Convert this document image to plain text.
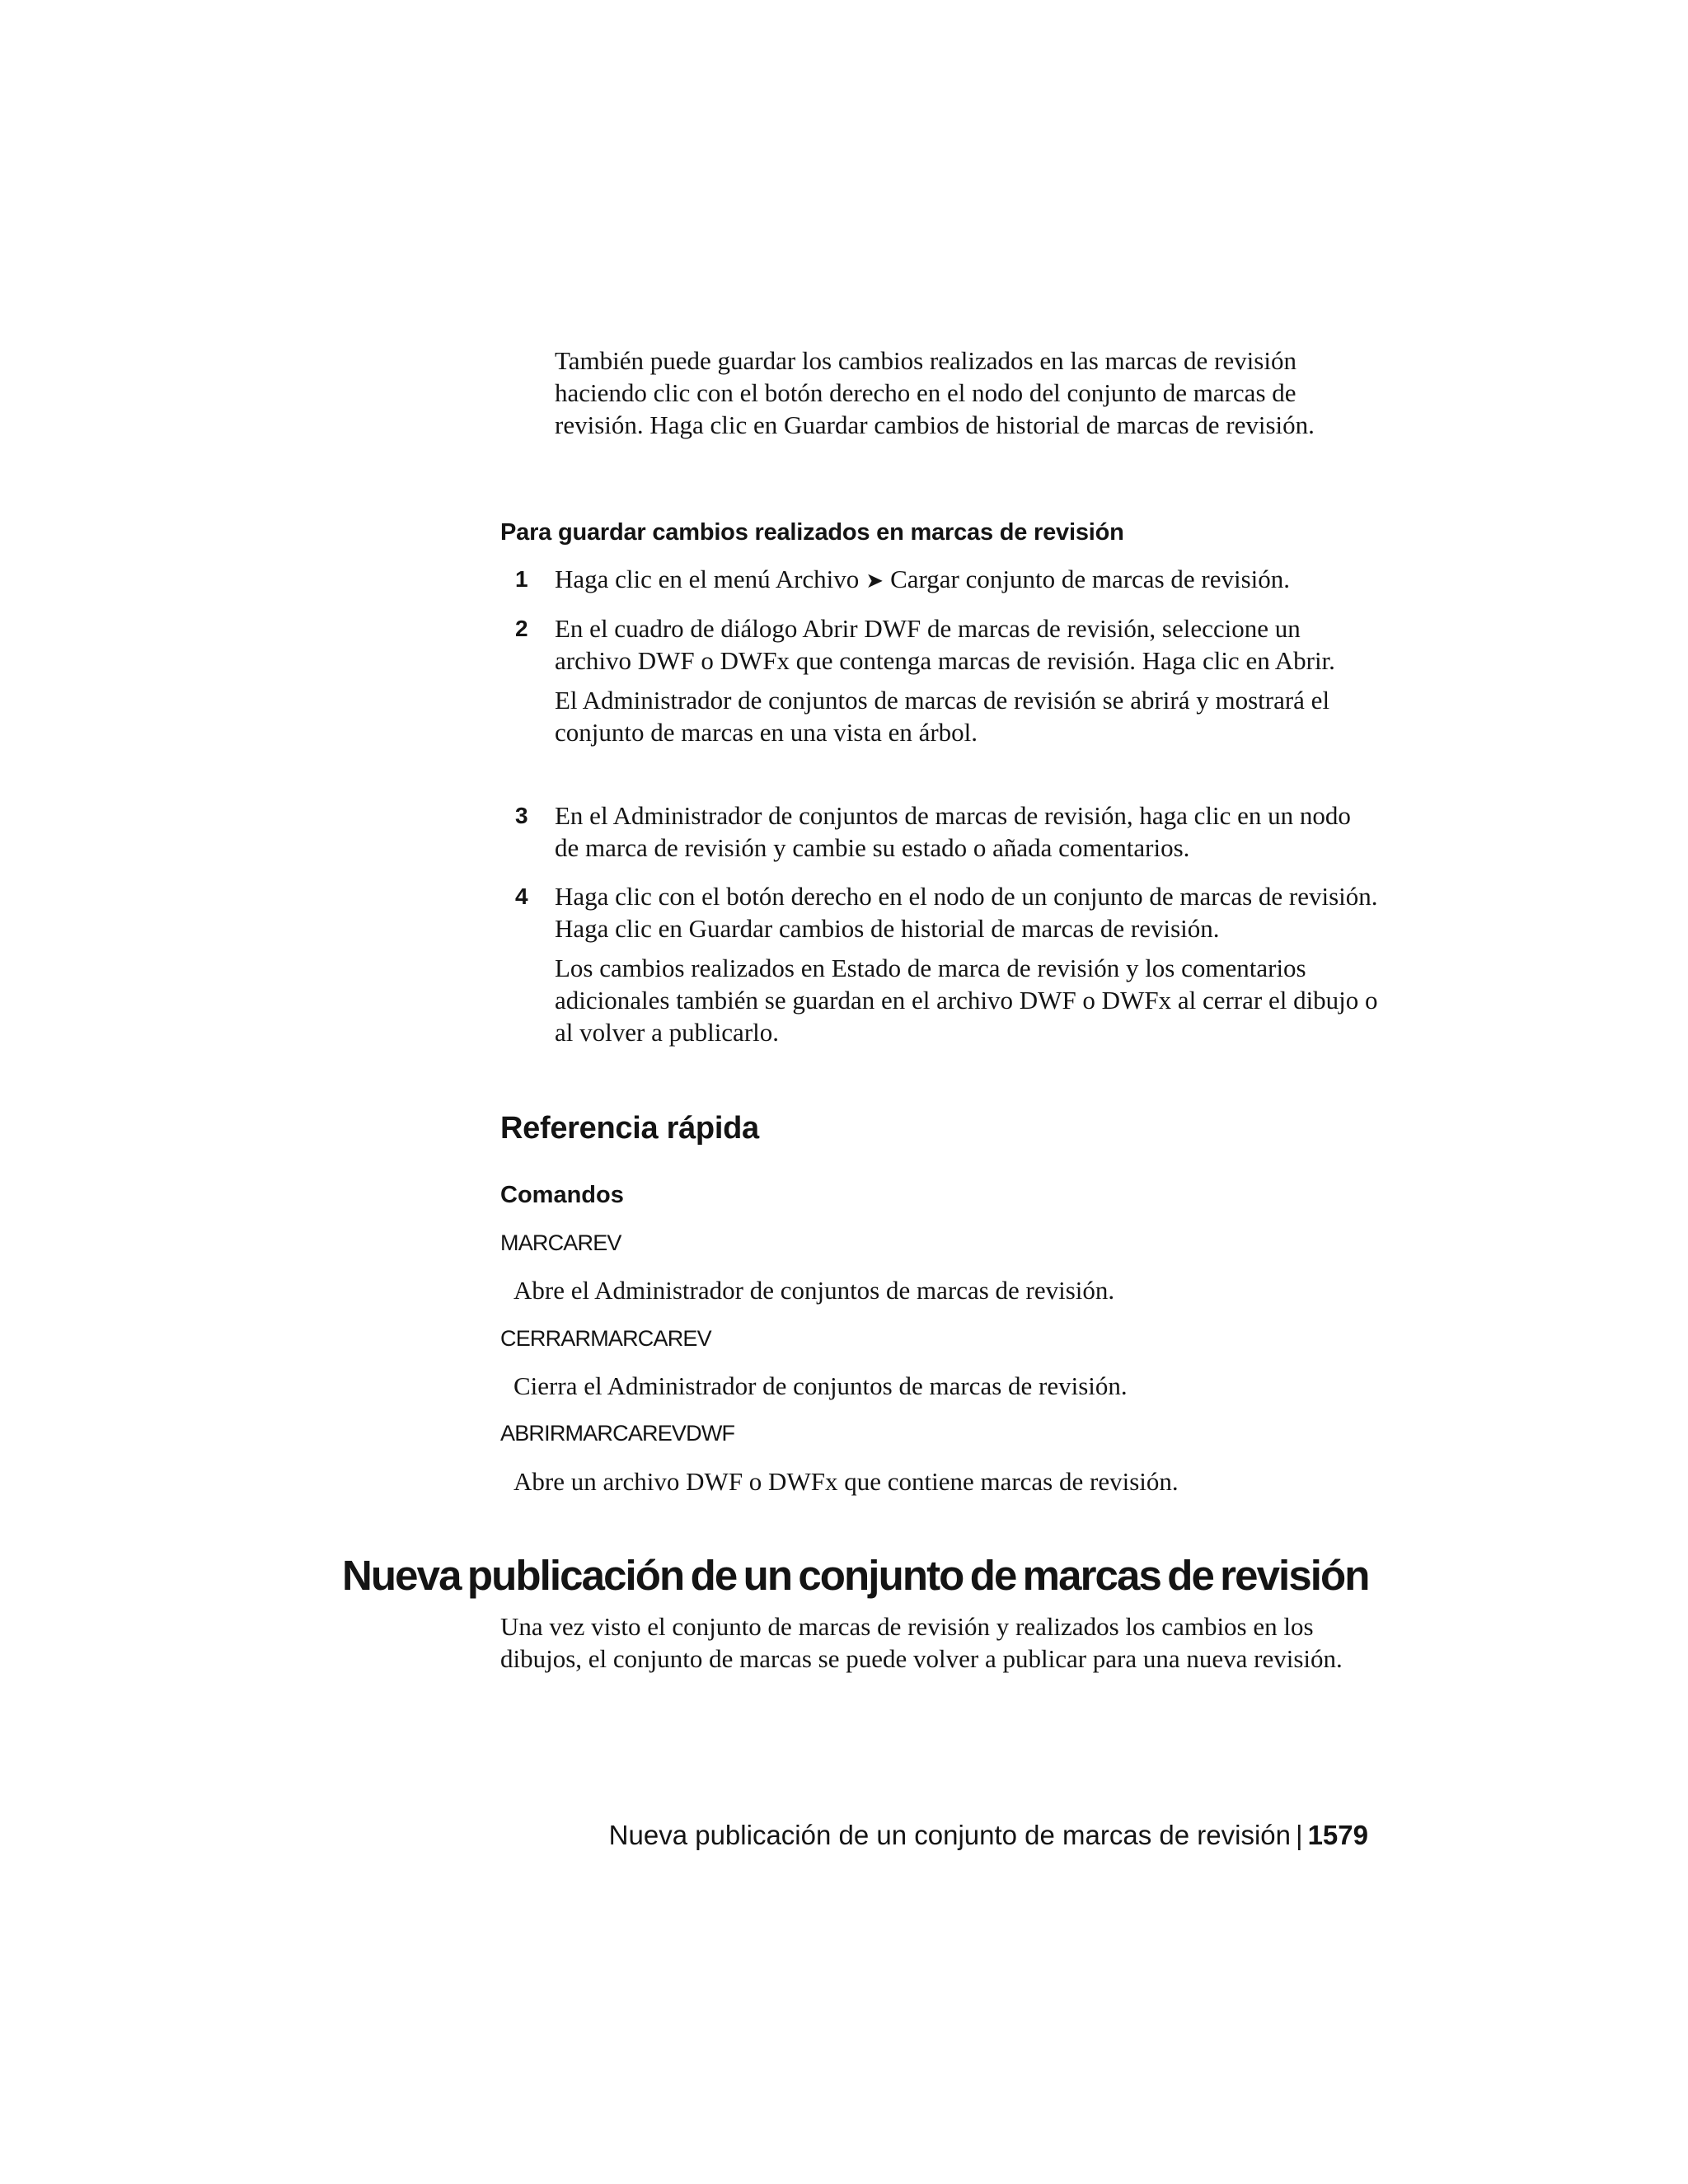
También puede guardar los cambios realizados en las marcas de revisión haciendo clic con el botón derecho en el nodo del conjunto de marcas de revisión. Haga clic en Guardar cambios de historial de marcas de revisión.

Para guardar cambios realizados en marcas de revisión
1 Haga clic en el menú Archivo ➤ Cargar conjunto de marcas de revisión.

2 En el cuadro de diálogo Abrir DWF de marcas de revisión, seleccione un archivo DWF o DWFx que contenga marcas de revisión. Haga clic en Abrir.

El Administrador de conjuntos de marcas de revisión se abrirá y mostrará el conjunto de marcas en una vista en árbol.

3 En el Administrador de conjuntos de marcas de revisión, haga clic en un nodo de marca de revisión y cambie su estado o añada comentarios.

4 Haga clic con el botón derecho en el nodo de un conjunto de marcas de revisión. Haga clic en Guardar cambios de historial de marcas de revisión.

Los cambios realizados en Estado de marca de revisión y los comentarios adicionales también se guardan en el archivo DWF o DWFx al cerrar el dibujo o al volver a publicarlo.

Referencia rápida
Comandos
MARCAREV
Abre el Administrador de conjuntos de marcas de revisión.
CERRARMARCAREV
Cierra el Administrador de conjuntos de marcas de revisión.
ABRIRMARCAREVDWF
Abre un archivo DWF o DWFx que contiene marcas de revisión.
Nueva publicación de un conjunto de marcas de revisión

Una vez visto el conjunto de marcas de revisión y realizados los cambios en los dibujos, el conjunto de marcas se puede volver a publicar para una nueva revisión.

Nueva publicación de un conjunto de marcas de revisión | 1579
